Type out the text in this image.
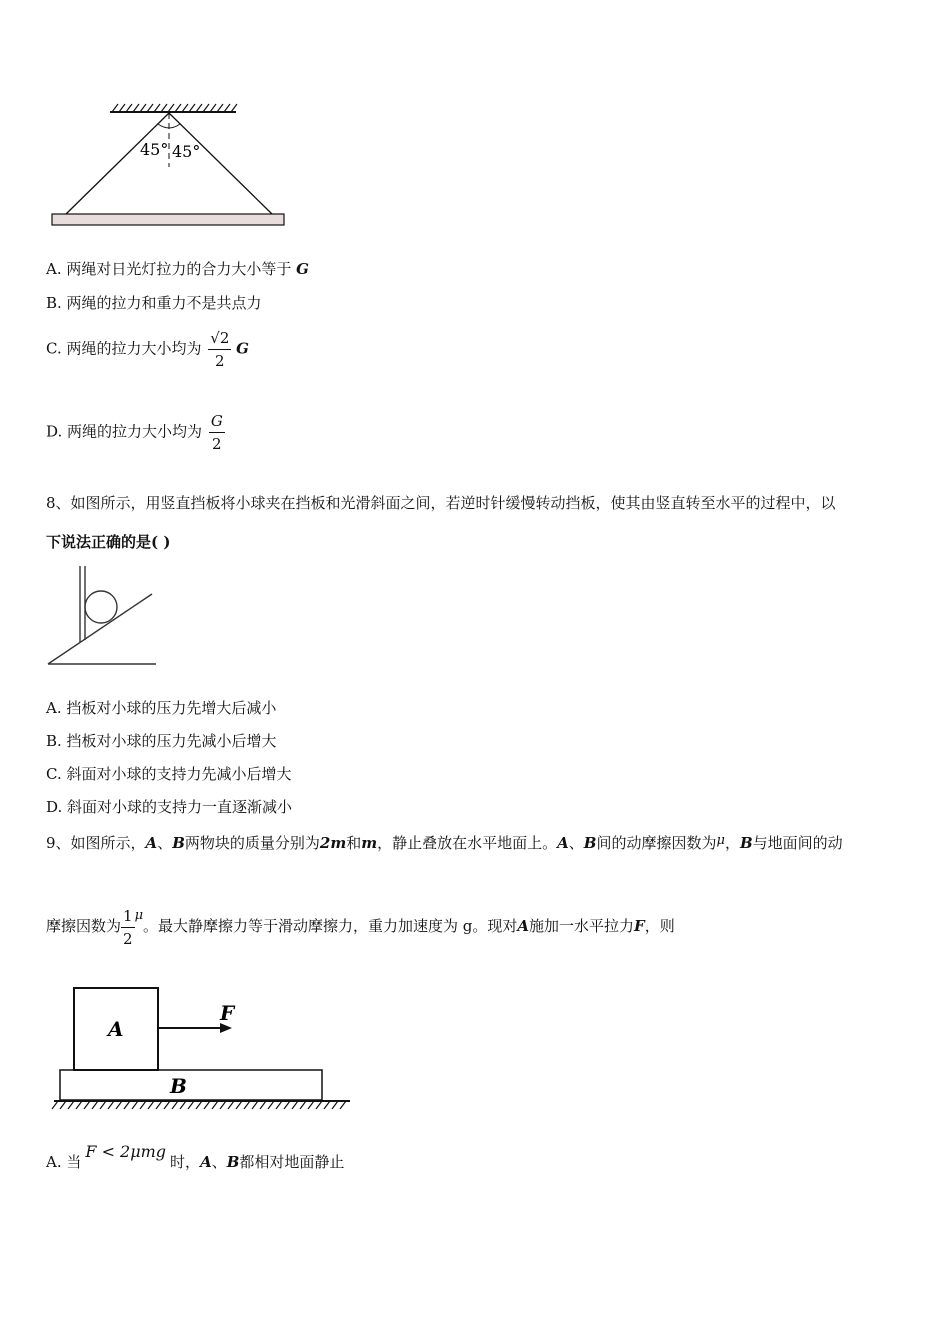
45° 45°
A. 两绳对日光灯拉力的合力大小等于 G
B. 两绳的拉力和重力不是共点力
C. 两绳的拉力大小均为 $\frac{√2}{2}$ G
D. 两绳的拉力大小均为 $\frac{G}{2}$
8、如图所示，用竖直挡板将小球夹在挡板和光滑斜面之间，若逆时针缓慢转动挡板，使其由竖直转至水平的过程中，以
下说法正确的是( )
A. 挡板对小球的压力先增大后减小
B. 挡板对小球的压力先减小后增大
C. 斜面对小球的支持力先减小后增大
D. 斜面对小球的支持力一直逐渐减小
9、如图所示，A、B两物块的质量分别为2m和m，静止叠放在水平地面上。A、B间的动摩擦因数为μ，B与地面间的动
摩擦因数为 $\frac{1}{2}$ μ。最大静摩擦力等于滑动摩擦力，重力加速度为 g。现对A施加一水平拉力F，则
A
F
B
A. 当F < 2μmg时，A、B都相对地面静止
